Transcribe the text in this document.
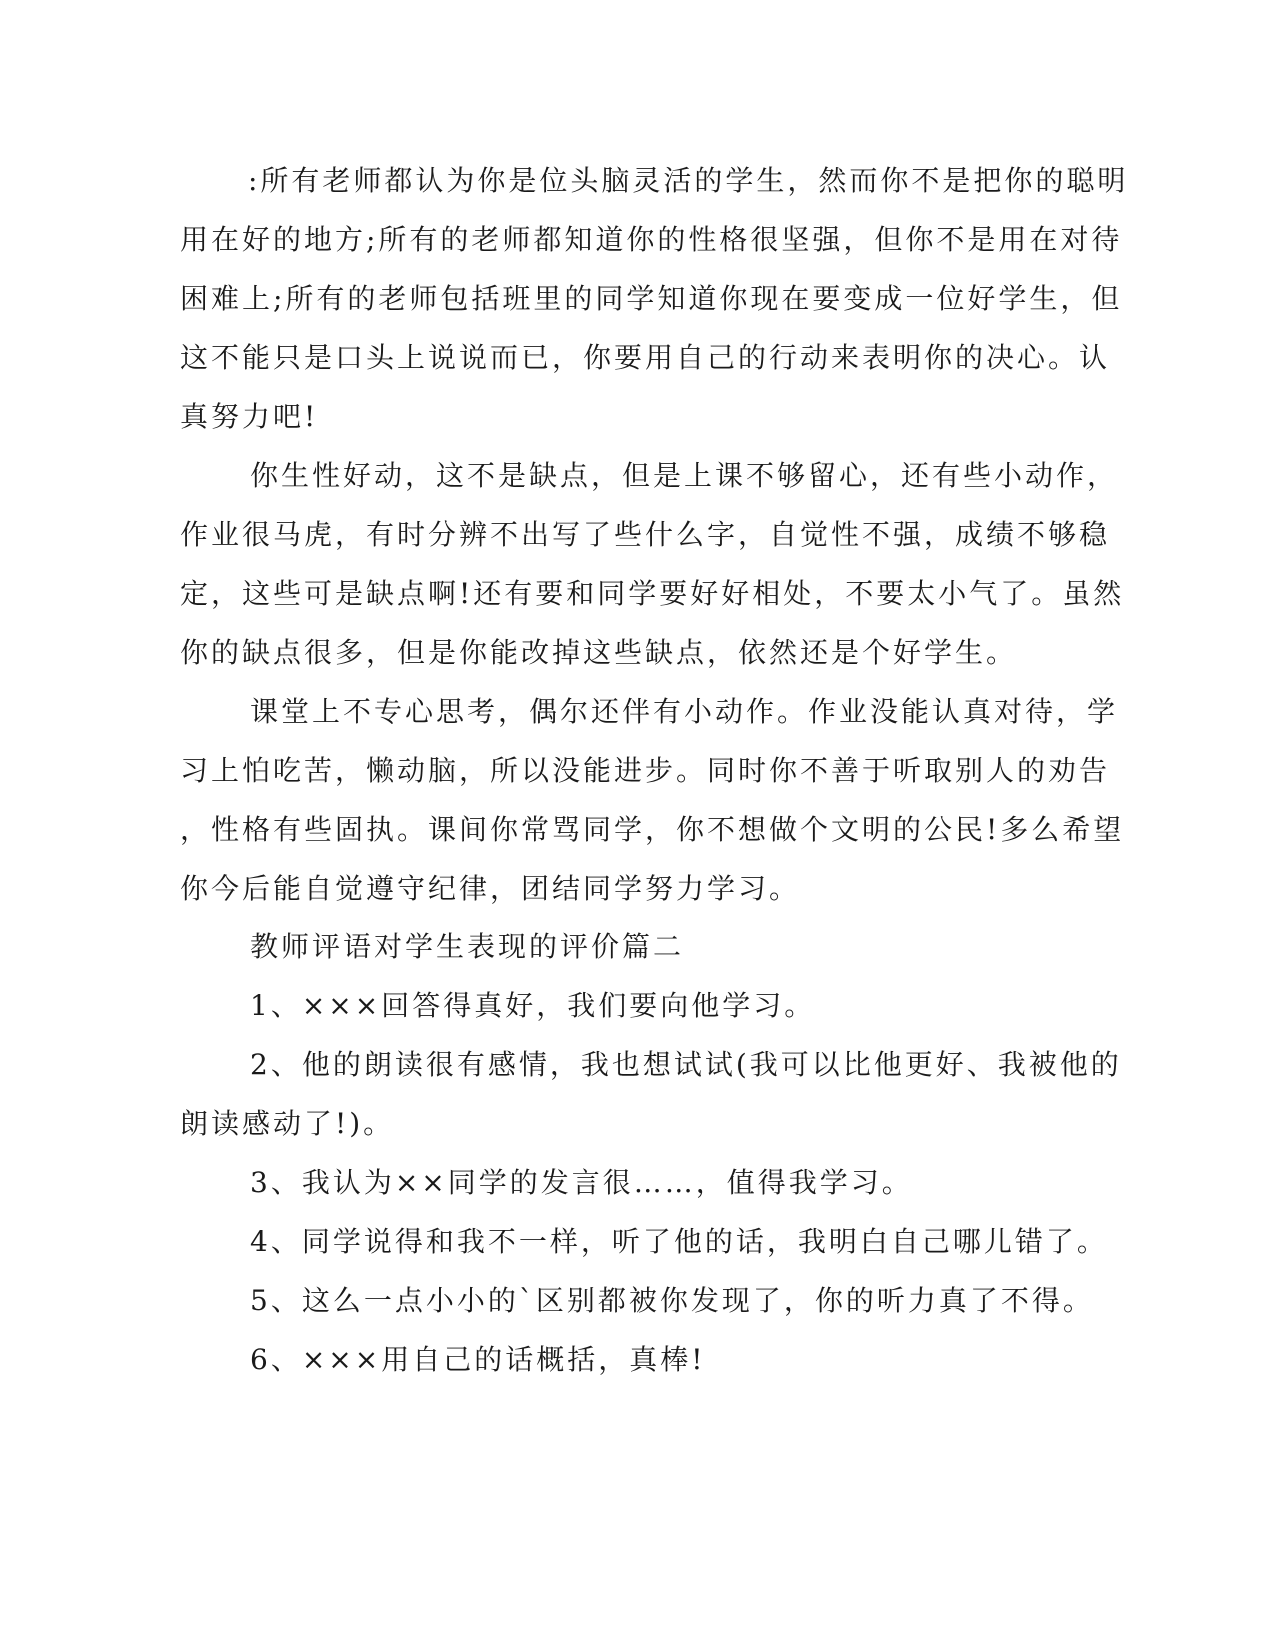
:所有老师都认为你是位头脑灵活的学生，然而你不是把你的聪明

用在好的地方;所有的老师都知道你的性格很坚强，但你不是用在对待

困难上;所有的老师包括班里的同学知道你现在要变成一位好学生，但

这不能只是口头上说说而已，你要用自己的行动来表明你的决心。认

真努力吧!

你生性好动，这不是缺点，但是上课不够留心，还有些小动作，

作业很马虎，有时分辨不出写了些什么字，自觉性不强，成绩不够稳

定，这些可是缺点啊!还有要和同学要好好相处，不要太小气了。虽然

你的缺点很多，但是你能改掉这些缺点，依然还是个好学生。

课堂上不专心思考，偶尔还伴有小动作。作业没能认真对待，学

习上怕吃苦，懒动脑，所以没能进步。同时你不善于听取别人的劝告

，性格有些固执。课间你常骂同学，你不想做个文明的公民!多么希望

你今后能自觉遵守纪律，团结同学努力学习。

教师评语对学生表现的评价篇二

1、×××回答得真好，我们要向他学习。

2、他的朗读很有感情，我也想试试(我可以比他更好、我被他的

朗读感动了!)。

3、我认为××同学的发言很……，值得我学习。

4、同学说得和我不一样，听了他的话，我明白自己哪儿错了。

5、这么一点小小的`区别都被你发现了，你的听力真了不得。

6、×××用自己的话概括，真棒!
